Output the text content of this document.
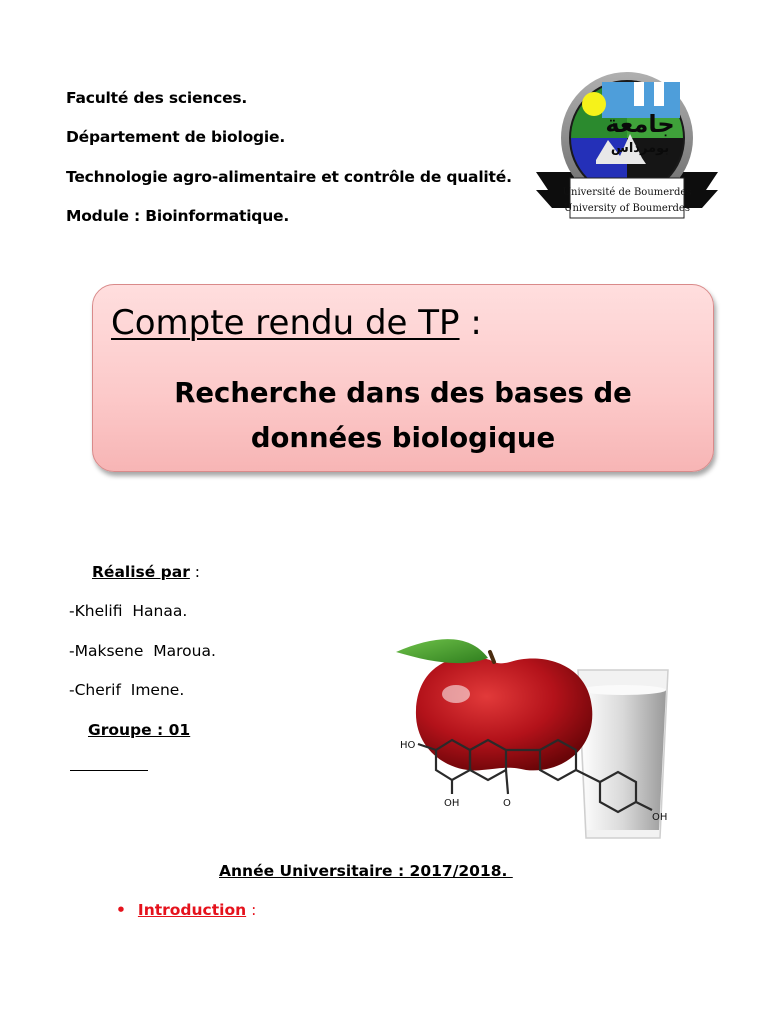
Faculté des sciences.
Département de biologie.
Technologie agro-alimentaire et contrôle de qualité.
Module : Bioinformatique.
جامعة
بومرداس
Université de Boumerdes
University of Boumerdes
Compte rendu de TP :
Recherche dans des bases de données biologique
Réalisé par :
-Khelifi  Hanaa.
-Maksene  Maroua.
-Cherif  Imene.
Groupe : 01
HO
OH	O
OH
Année Universitaire : 2017/2018.
• Introduction :
